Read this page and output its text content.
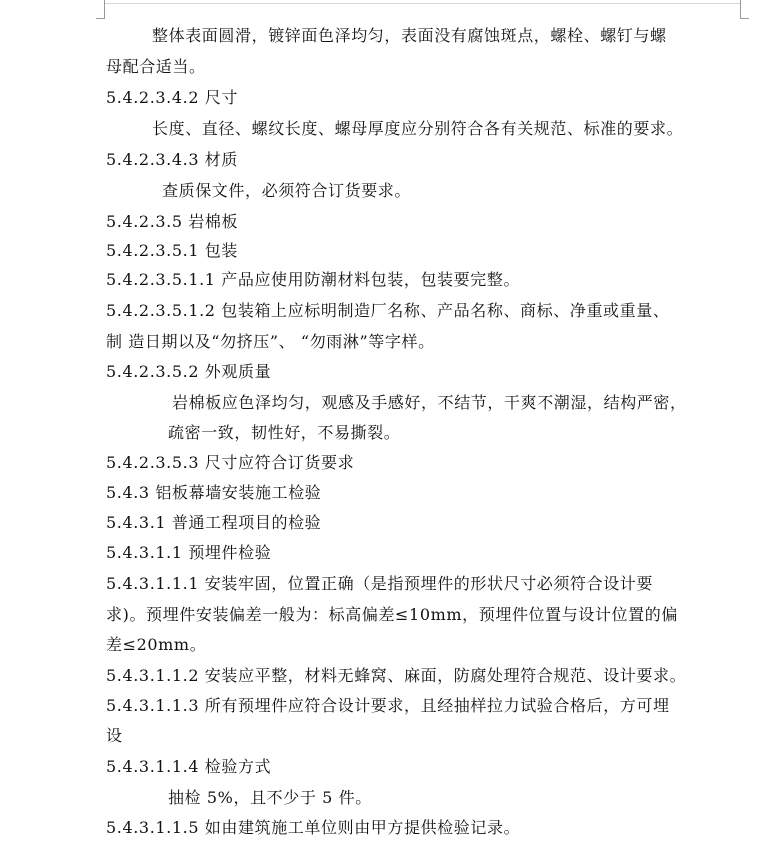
整体表面圆滑，镀锌面色泽均匀，表面没有腐蚀斑点，螺栓、螺钉与螺
母配合适当。
5.4.2.3.4.2 尺寸
长度、直径、螺纹长度、螺母厚度应分别符合各有关规范、标准的要求。
5.4.2.3.4.3 材质
查质保文件，必须符合订货要求。
5.4.2.3.5 岩棉板
5.4.2.3.5.1 包装
5.4.2.3.5.1.1 产品应使用防潮材料包装，包装要完整。
5.4.2.3.5.1.2 包装箱上应标明制造厂名称、产品名称、商标、净重或重量、
制 造日期以及“勿挤压”、 “勿雨淋”等字样。
5.4.2.3.5.2 外观质量
岩棉板应色泽均匀，观感及手感好，不结节，干爽不潮湿，结构严密，
疏密一致，韧性好，不易撕裂。
5.4.2.3.5.3 尺寸应符合订货要求
5.4.3 铝板幕墙安装施工检验
5.4.3.1 普通工程项目的检验
5.4.3.1.1 预埋件检验
5.4.3.1.1.1 安装牢固，位置正确（是指预埋件的形状尺寸必须符合设计要
求)。预埋件安装偏差一般为：标高偏差≤10mm，预埋件位置与设计位置的偏
差≤20mm。
5.4.3.1.1.2 安装应平整，材料无蜂窝、麻面，防腐处理符合规范、设计要求。
5.4.3.1.1.3 所有预埋件应符合设计要求，且经抽样拉力试验合格后，方可埋
设
5.4.3.1.1.4 检验方式
抽检 5%，且不少于 5 件。
5.4.3.1.1.5 如由建筑施工单位则由甲方提供检验记录。
